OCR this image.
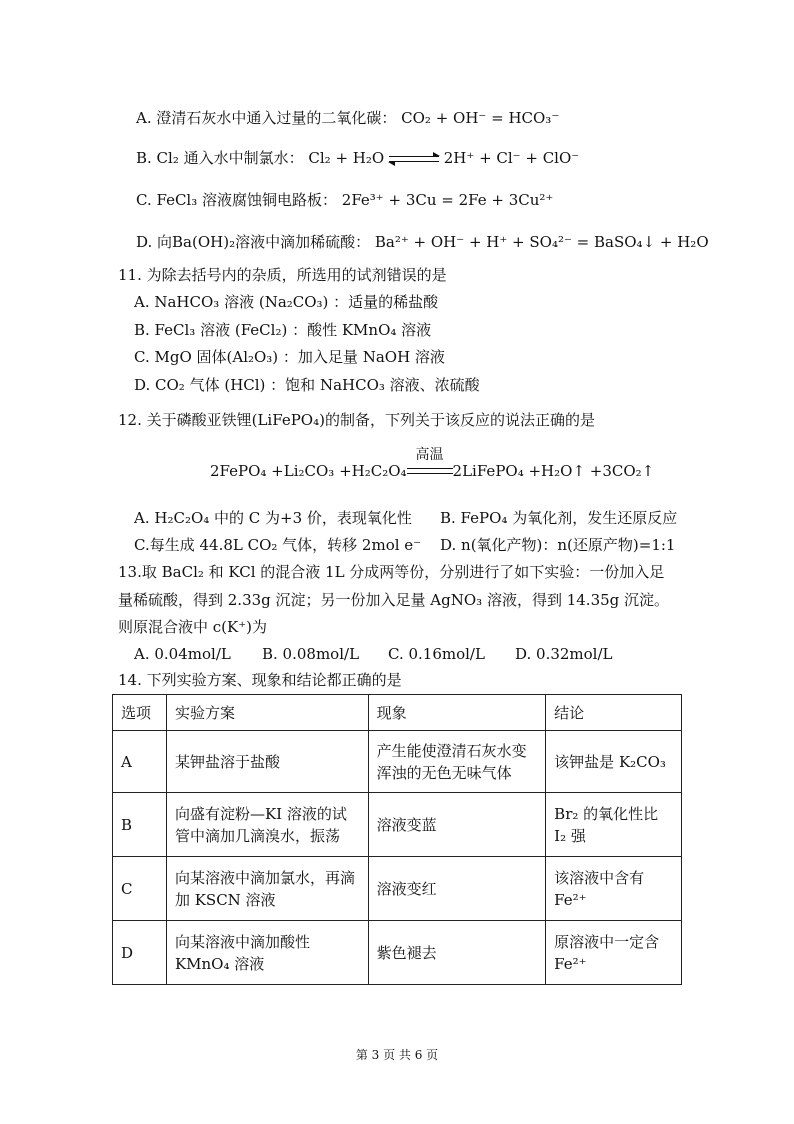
A. 澄清石灰水中通入过量的二氧化碳： CO₂ + OH⁻ = HCO₃⁻
B. Cl₂ 通入水中制氯水： Cl₂ + H₂O ⇌ 2H⁺ + Cl⁻ + ClO⁻
C. FeCl₃ 溶液腐蚀铜电路板： 2Fe³⁺ + 3Cu = 2Fe + 3Cu²⁺
D. 向Ba(OH)₂溶液中滴加稀硫酸： Ba²⁺ + OH⁻ + H⁺ + SO₄²⁻ = BaSO₄↓ + H₂O
11. 为除去括号内的杂质，所选用的试剂错误的是
A. NaHCO₃ 溶液 (Na₂CO₃) ：适量的稀盐酸
B. FeCl₃ 溶液 (FeCl₂) ：酸性 KMnO₄ 溶液
C. MgO 固体(Al₂O₃) ：加入足量 NaOH 溶液
D. CO₂ 气体 (HCl) ：饱和 NaHCO₃ 溶液、浓硫酸
12. 关于磷酸亚铁锂(LiFePO₄)的制备，下列关于该反应的说法正确的是
2FePO₄ +Li₂CO₃ +H₂C₂O₄
高温
2LiFePO₄ +H₂O↑ +3CO₂↑
A. H₂C₂O₄ 中的 C 为+3 价，表现氧化性 B. FePO₄ 为氧化剂，发生还原反应
C.每生成 44.8L CO₂ 气体，转移 2mol e⁻ D. n(氧化产物)：n(还原产物)=1:1
13.取 BaCl₂ 和 KCl 的混合液 1L 分成两等份，分别进行了如下实验：一份加入足
量稀硫酸，得到 2.33g 沉淀；另一份加入足量 AgNO₃ 溶液，得到 14.35g 沉淀。
则原混合液中 c(K⁺)为
A. 0.04mol/L B. 0.08mol/L C. 0.16mol/L D. 0.32mol/L
14. 下列实验方案、现象和结论都正确的是
选项	实验方案	现象	结论
A	某钾盐溶于盐酸	产生能使澄清石灰水变浑浊的无色无味气体	该钾盐是 K₂CO₃
B	向盛有淀粉—KI 溶液的试管中滴加几滴溴水，振荡	溶液变蓝	Br₂ 的氧化性比 I₂ 强
C	向某溶液中滴加氯水，再滴加 KSCN 溶液	溶液变红	该溶液中含有 Fe²⁺
D	向某溶液中滴加酸性 KMnO₄ 溶液	紫色褪去	原溶液中一定含 Fe²⁺
第 3 页 共 6 页
